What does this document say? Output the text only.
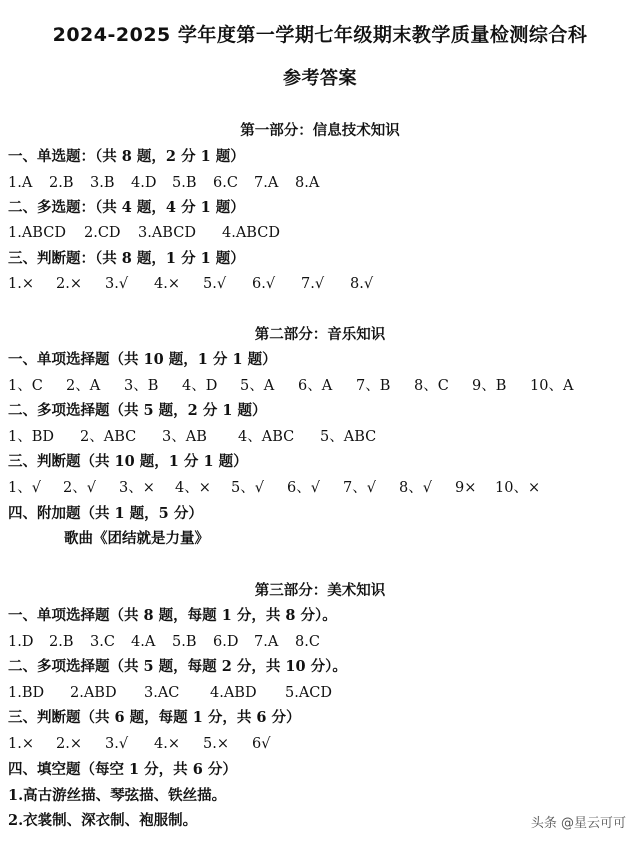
2024-2025 学年度第一学期七年级期末教学质量检测综合科
参考答案
第一部分：信息技术知识
一、单选题：（共 8 题，2 分 1 题）
1.A	2.B	3.B	4.D	5.B	6.C	7.A	8.A
二、多选题：（共 4 题，4 分 1 题）
1.ABCD	2.CD	3.ABCD	4.ABCD
三、判断题：（共 8 题，1 分 1 题）
1.×	2.×	3.√	4.×	5.√	6.√	7.√	8.√
第二部分：音乐知识
一、单项选择题（共 10 题，1 分 1 题）
1、C	2、A	3、B	4、D	5、A	6、A	7、B	8、C	9、B	10、A
二、多项选择题（共 5 题，2 分 1 题）
1、BD	2、ABC	3、AB	4、ABC	5、ABC
三、判断题（共 10 题，1 分 1 题）
1、√	2、√	3、×	4、×	5、√	6、√	7、√	8、√	9×	10、×
四、附加题（共 1 题，5 分）
歌曲《团结就是力量》
第三部分：美术知识
一、单项选择题（共 8 题，每题 1 分，共 8 分）。
1.D	2.B	3.C	4.A	5.B	6.D	7.A	8.C
二、多项选择题（共 5 题，每题 2 分，共 10 分）。
1.BD	2.ABD	3.AC	4.ABD	5.ACD
三、判断题（共 6 题，每题 1 分，共 6 分）
1.×	2.×	3.√	4.×	5.×	6√
四、填空题（每空 1 分，共 6 分）
1.高古游丝描、琴弦描、铁丝描。
2.衣裳制、深衣制、袍服制。	头条 @星云可可
